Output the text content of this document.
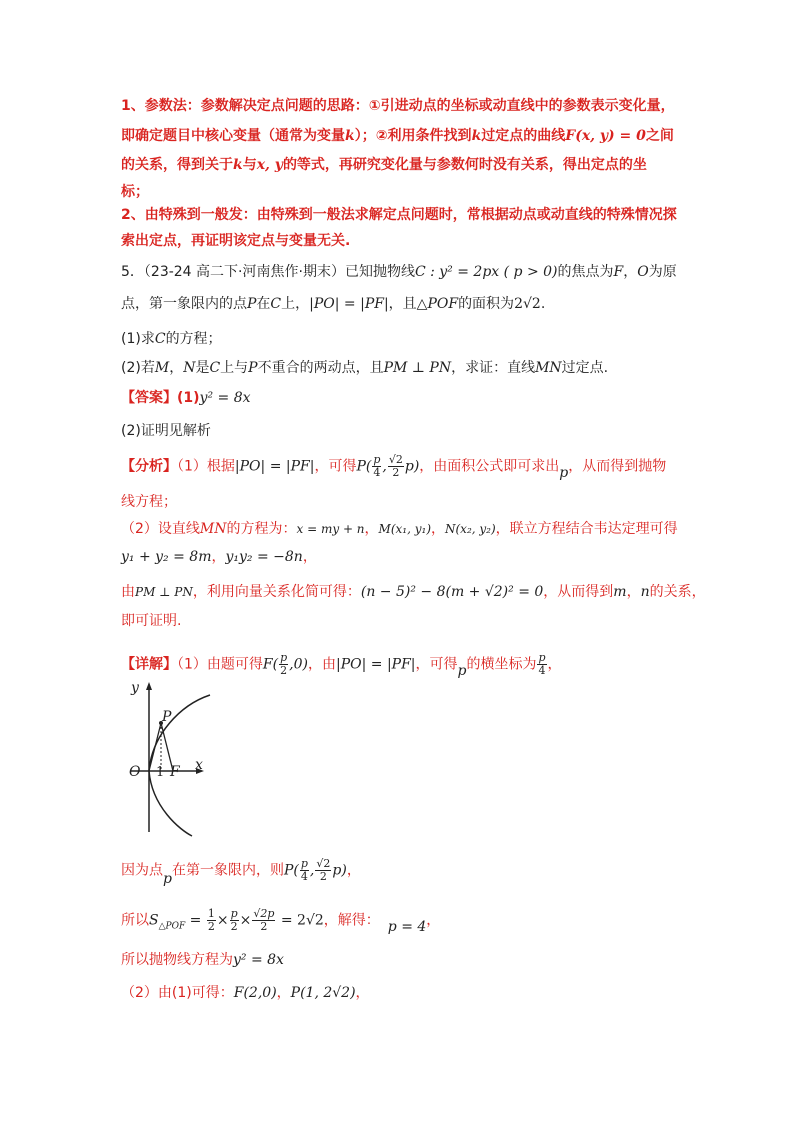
1、参数法：参数解决定点问题的思路：①引进动点的坐标或动直线中的参数表示变化量，
即确定题目中核心变量（通常为变量k）；②利用条件找到k过定点的曲线F(x, y) = 0之间
的关系，得到关于k与x, y的等式，再研究变化量与参数何时没有关系，得出定点的坐
标；
2、由特殊到一般发：由特殊到一般法求解定点问题时，常根据动点或动直线的特殊情况探
索出定点，再证明该定点与变量无关.
5．（23-24 高二下·河南焦作·期末）已知抛物线C : y² = 2px ( p > 0)的焦点为F，O为原
点，第一象限内的点P在C上，|PO| = |PF|，且△POF的面积为2√2.
(1)求C的方程；
(2)若M，N是C上与P不重合的两动点，且PM ⊥ PN，求证：直线MN过定点.
【答案】(1)y² = 8x
(2)证明见解析
【分析】（1）根据|PO| = |PF|，可得$P( \frac{p}{4}$ , $\frac{√2}{2} p$)，由面积公式即可求出p，从而得到抛物
线方程；
（2）设直线MN的方程为：x = my + n，M(x₁, y₁)，N(x₂, y₂)，联立方程结合韦达定理可得
y₁ + y₂ = 8m，y₁y₂ = −8n，
由PM ⊥ PN，利用向量关系化简可得：(n − 5)² − 8(m + √2)² = 0，从而得到m，n的关系，
即可证明.
【详解】（1）由题可得$F( \frac{p}{2} ,0)$，由|PO| = |PF|，可得p的横坐标为 $\frac{p}{4}$ ，
y
x
P
O 1 F
因为点p在第一象限内，则$P( \frac{p}{4}$ , $\frac{√2}{2} p$)，
所以$S_{\triangle POF} = \frac{1}{2} \times \frac{p}{2} \times \frac{√2p}{2} = 2√2$，解得： p = 4，
所以抛物线方程为y² = 8x
（2）由(1)可得：F(2,0)，P(1, 2√2)，
